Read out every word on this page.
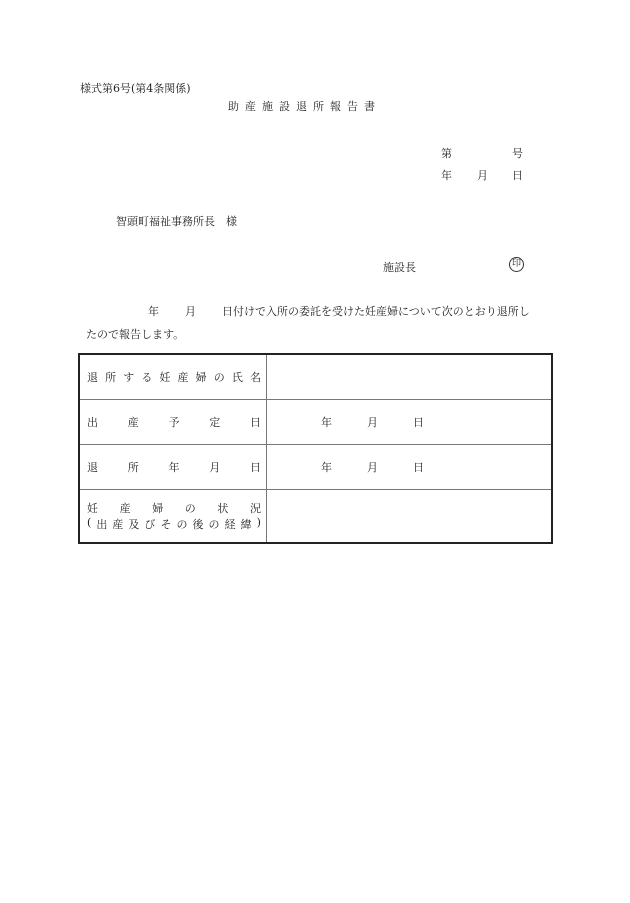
様式第6号(第4条関係)
助産施設退所報告書
第	号
年 月 日
智頭町福祉事務所長　様
施設長	印
年 月 日付けで入所の委託を受けた妊産婦について次のとおり退所し
たので報告します。
退 所 す る 妊 産 婦 の 氏 名

出 産 予 定 日	年 月 日

退 所 年 月 日	年 月 日

妊 産 婦 の 状 況
( 出 産 及 び そ の 後 の 経 緯 )
